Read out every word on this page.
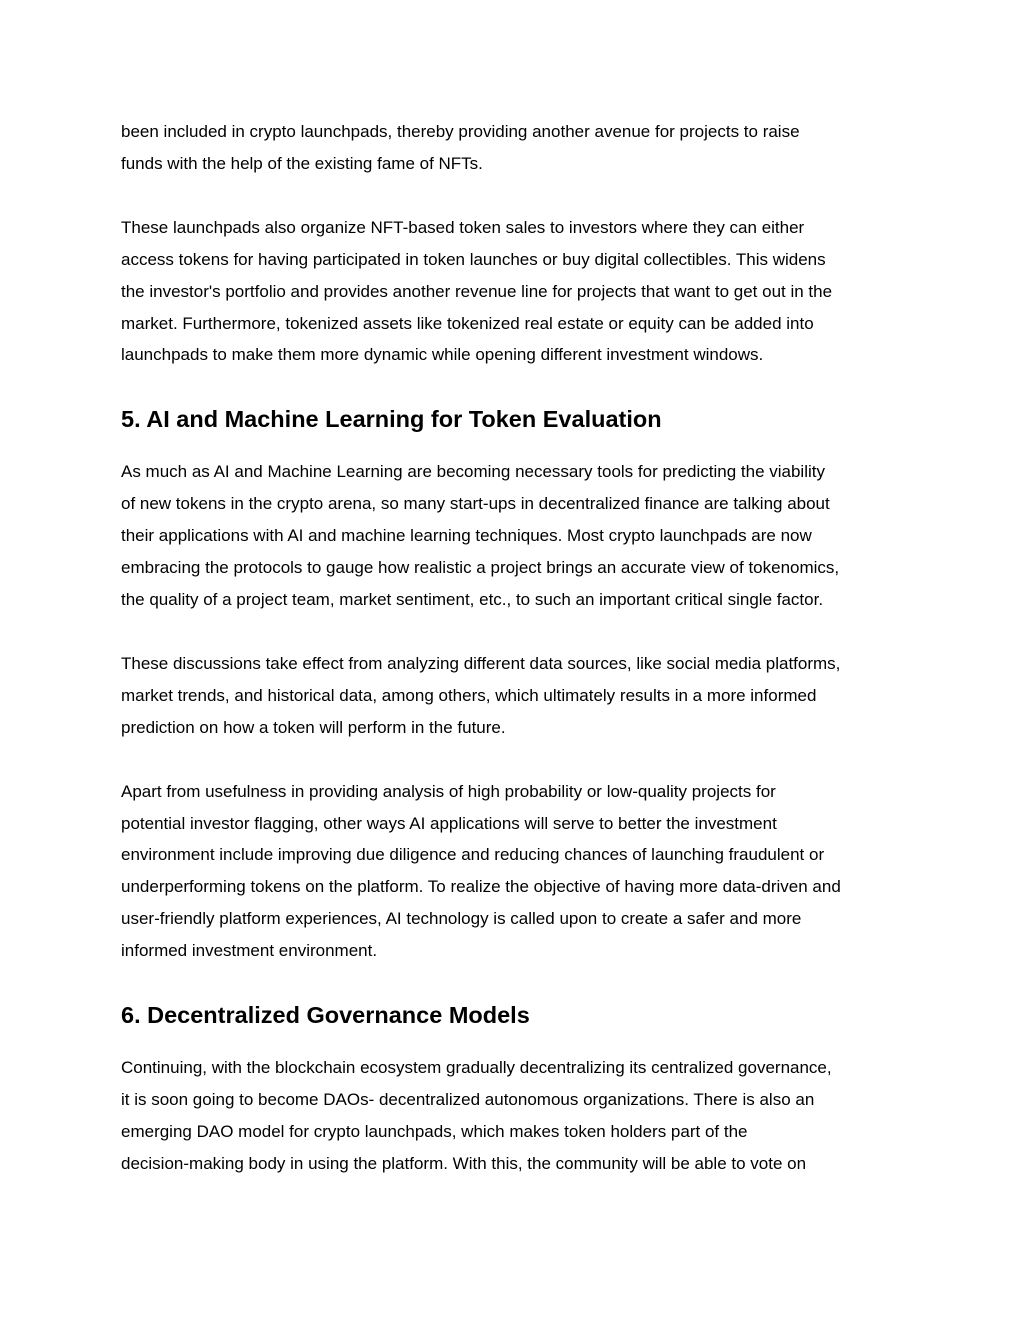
been included in crypto launchpads, thereby providing another avenue for projects to raise
funds with the help of the existing fame of NFTs.

These launchpads also organize NFT-based token sales to investors where they can either
access tokens for having participated in token launches or buy digital collectibles. This widens
the investor's portfolio and provides another revenue line for projects that want to get out in the
market. Furthermore, tokenized assets like tokenized real estate or equity can be added into
launchpads to make them more dynamic while opening different investment windows.

5. AI and Machine Learning for Token Evaluation

As much as AI and Machine Learning are becoming necessary tools for predicting the viability
of new tokens in the crypto arena, so many start-ups in decentralized finance are talking about
their applications with AI and machine learning techniques. Most crypto launchpads are now
embracing the protocols to gauge how realistic a project brings an accurate view of tokenomics,
the quality of a project team, market sentiment, etc., to such an important critical single factor.

These discussions take effect from analyzing different data sources, like social media platforms,
market trends, and historical data, among others, which ultimately results in a more informed
prediction on how a token will perform in the future.

Apart from usefulness in providing analysis of high probability or low-quality projects for
potential investor flagging, other ways AI applications will serve to better the investment
environment include improving due diligence and reducing chances of launching fraudulent or
underperforming tokens on the platform. To realize the objective of having more data-driven and
user-friendly platform experiences, AI technology is called upon to create a safer and more
informed investment environment.

6. Decentralized Governance Models

Continuing, with the blockchain ecosystem gradually decentralizing its centralized governance,
it is soon going to become DAOs- decentralized autonomous organizations. There is also an
emerging DAO model for crypto launchpads, which makes token holders part of the
decision-making body in using the platform. With this, the community will be able to vote on
